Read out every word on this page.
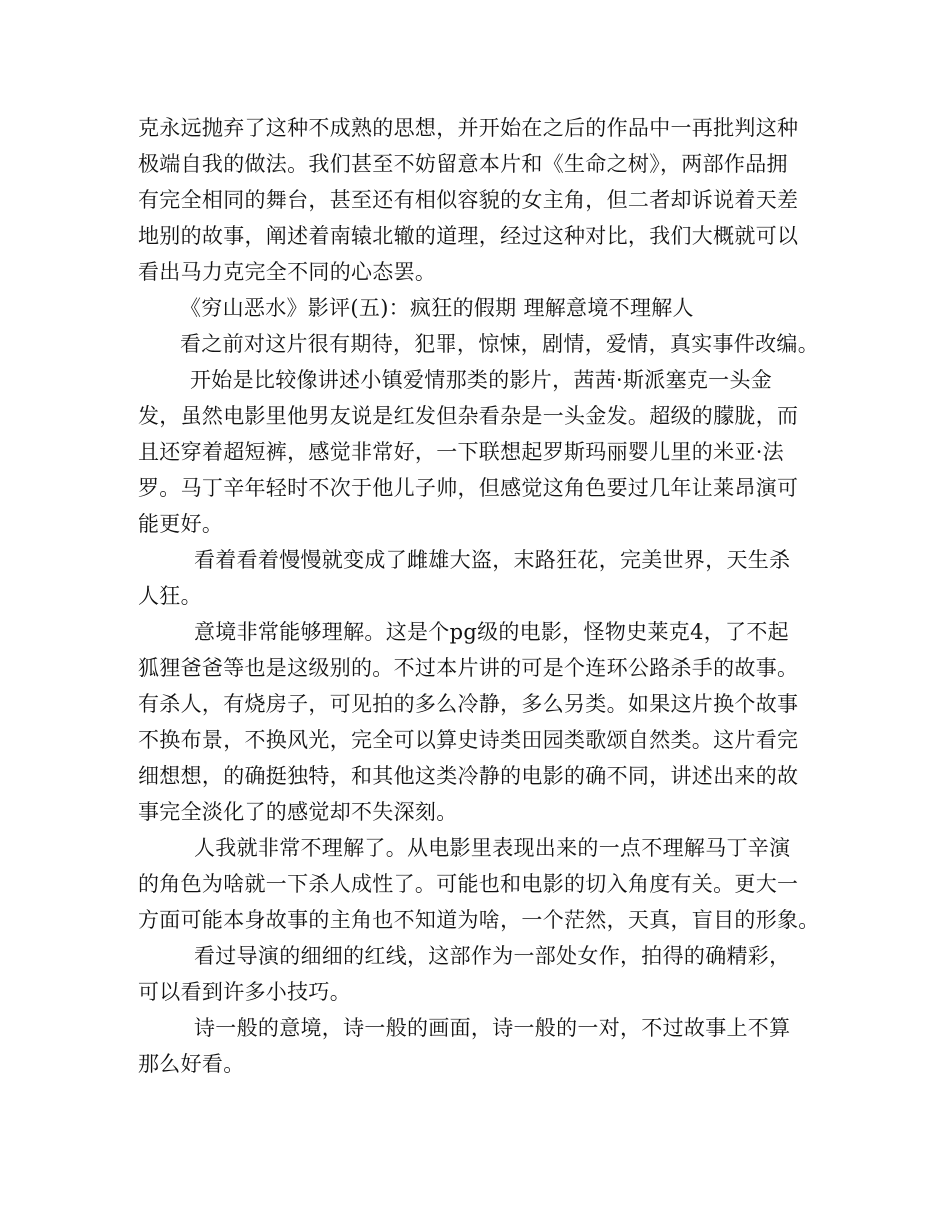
克永远抛弃了这种不成熟的思想，并开始在之后的作品中一再批判这种
极端自我的做法。我们甚至不妨留意本片和《生命之树》，两部作品拥
有完全相同的舞台，甚至还有相似容貌的女主角，但二者却诉说着天差
地别的故事，阐述着南辕北辙的道理，经过这种对比，我们大概就可以
看出马力克完全不同的心态罢。
《穷山恶水》影评(五)：疯狂的假期 理解意境不理解人
看之前对这片很有期待，犯罪，惊悚，剧情，爱情，真实事件改编。
开始是比较像讲述小镇爱情那类的影片，茜茜·斯派塞克一头金
发，虽然电影里他男友说是红发但杂看杂是一头金发。超级的朦胧，而
且还穿着超短裤，感觉非常好，一下联想起罗斯玛丽婴儿里的米亚·法
罗。马丁辛年轻时不次于他儿子帅，但感觉这角色要过几年让莱昂演可
能更好。
看着看着慢慢就变成了雌雄大盗，末路狂花，完美世界，天生杀
人狂。
意境非常能够理解。这是个pg级的电影，怪物史莱克4，了不起
狐狸爸爸等也是这级别的。不过本片讲的可是个连环公路杀手的故事。
有杀人，有烧房子，可见拍的多么冷静，多么另类。如果这片换个故事
不换布景，不换风光，完全可以算史诗类田园类歌颂自然类。这片看完
细想想，的确挺独特，和其他这类冷静的电影的确不同，讲述出来的故
事完全淡化了的感觉却不失深刻。
人我就非常不理解了。从电影里表现出来的一点不理解马丁辛演
的角色为啥就一下杀人成性了。可能也和电影的切入角度有关。更大一
方面可能本身故事的主角也不知道为啥，一个茫然，天真，盲目的形象。
看过导演的细细的红线，这部作为一部处女作，拍得的确精彩，
可以看到许多小技巧。
诗一般的意境，诗一般的画面，诗一般的一对，不过故事上不算
那么好看。
